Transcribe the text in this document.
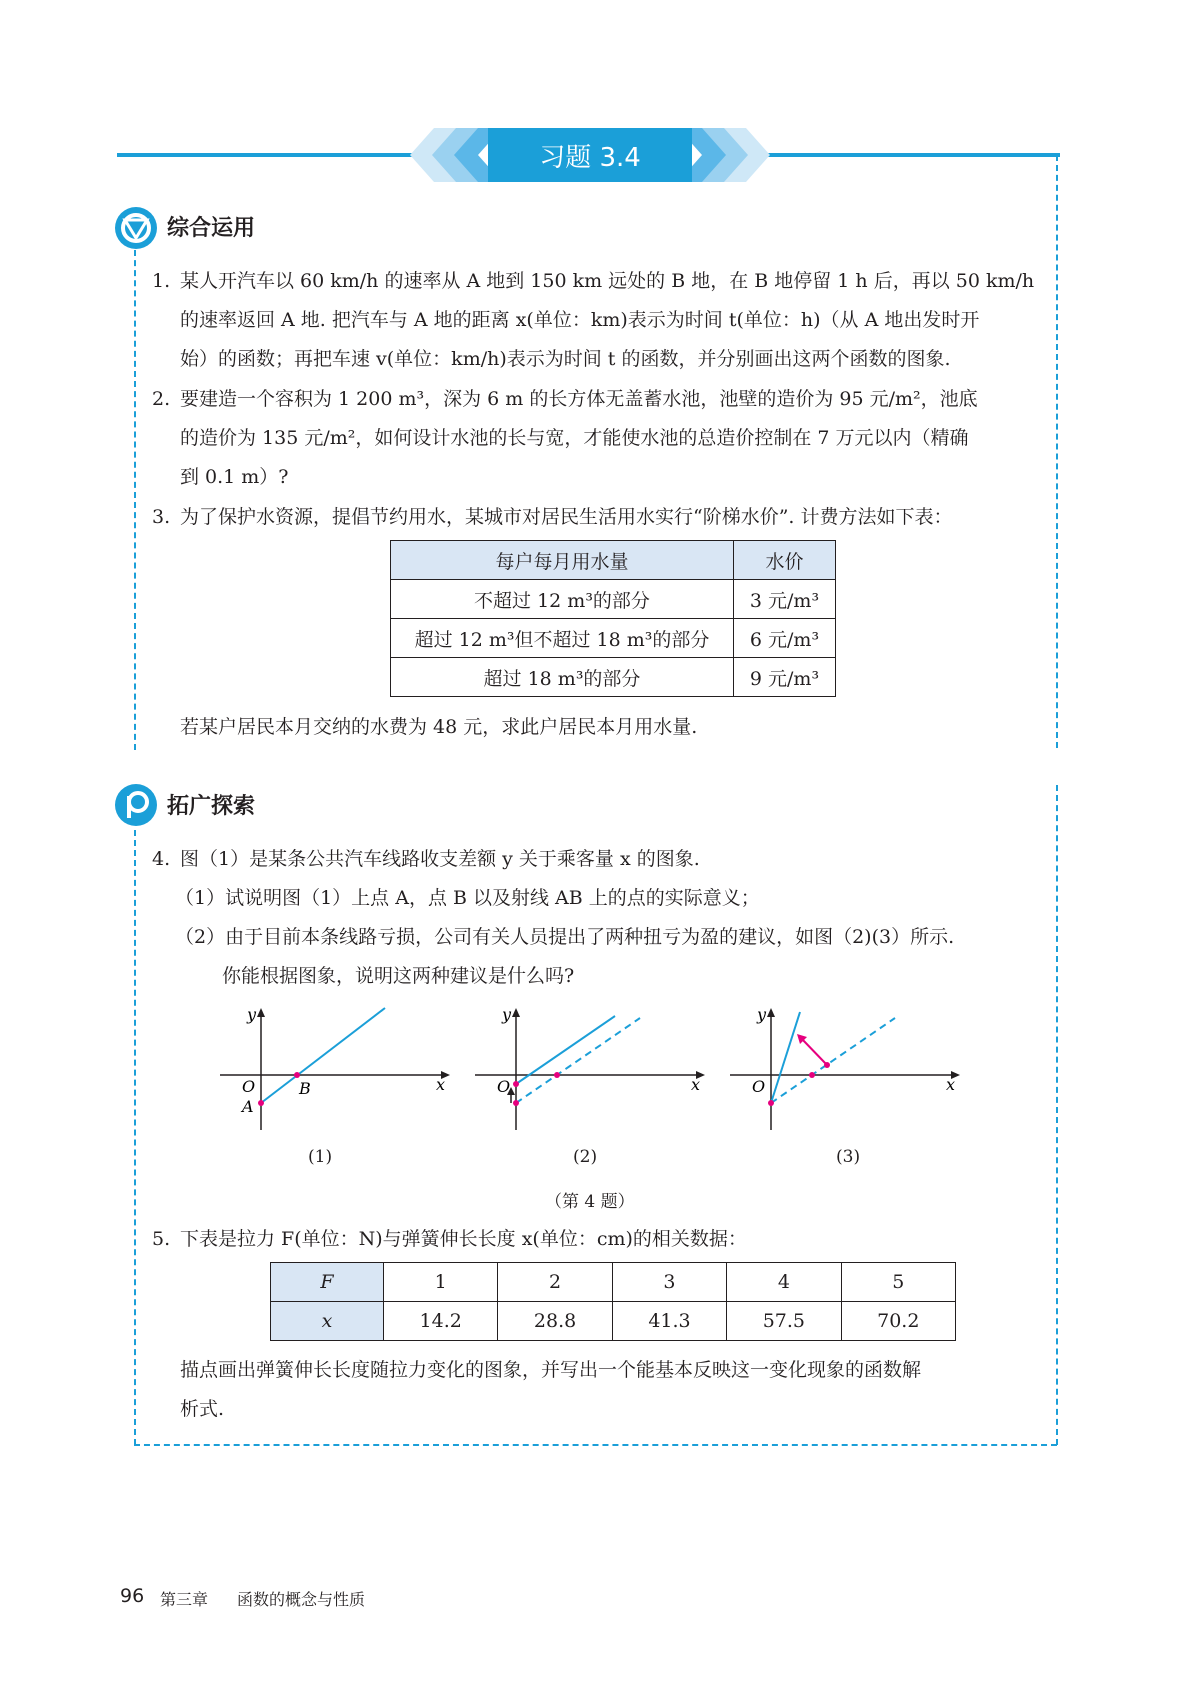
习题 3.4
综合运用
1. 某人开汽车以 60 km/h 的速率从 A 地到 150 km 远处的 B 地，在 B 地停留 1 h 后，再以 50 km/h
的速率返回 A 地. 把汽车与 A 地的距离 x(单位：km)表示为时间 t(单位：h)（从 A 地出发时开
始）的函数；再把车速 v(单位：km/h)表示为时间 t 的函数，并分别画出这两个函数的图象.
2. 要建造一个容积为 1 200 m³，深为 6 m 的长方体无盖蓄水池，池壁的造价为 95 元/m²，池底
的造价为 135 元/m²，如何设计水池的长与宽，才能使水池的总造价控制在 7 万元以内（精确
到 0.1 m）?
3. 为了保护水资源，提倡节约用水，某城市对居民生活用水实行“阶梯水价”. 计费方法如下表：
每户每月用水量	水价
不超过 12 m³的部分	3 元/m³
超过 12 m³但不超过 18 m³的部分	6 元/m³
超过 18 m³的部分	9 元/m³
若某户居民本月交纳的水费为 48 元，求此户居民本月用水量.
拓广探索
4. 图（1）是某条公共汽车线路收支差额 y 关于乘客量 x 的图象.
（1）试说明图（1）上点 A，点 B 以及射线 AB 上的点的实际意义；
（2）由于目前本条线路亏损，公司有关人员提出了两种扭亏为盈的建议，如图（2)(3）所示.
你能根据图象，说明这两种建议是什么吗?
y
x
O	B
A
y
x
O
y
x
O
(1)	(2)	(3)
（第 4 题）
5. 下表是拉力 F(单位：N)与弹簧伸长长度 x(单位：cm)的相关数据：
F	1	2	3	4	5
x	14.2	28.8	41.3	57.5	70.2
描点画出弹簧伸长长度随拉力变化的图象，并写出一个能基本反映这一变化现象的函数解
析式.
96 第三章 函数的概念与性质
